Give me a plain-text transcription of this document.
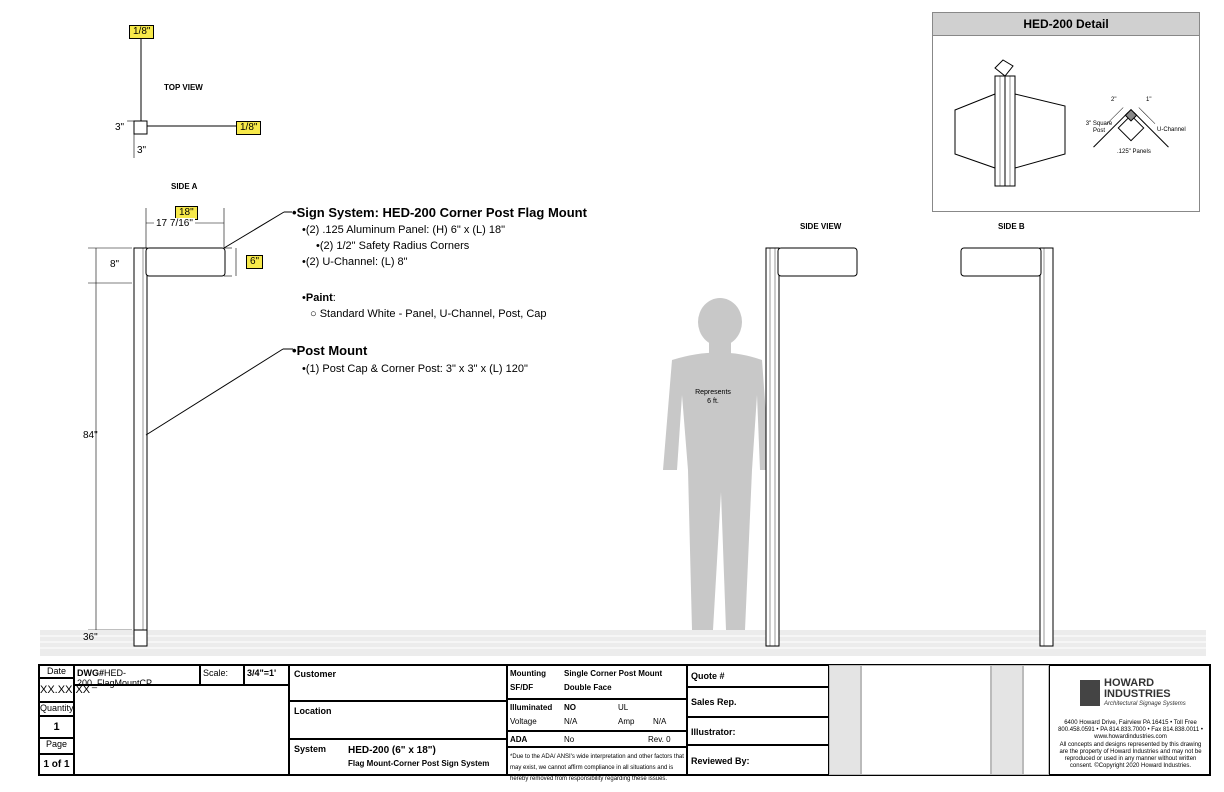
1/8"
TOP VIEW
1/8"
3"
3"
SIDE A
18"
17 7/16"
6"
8"
84"
36"
•Sign System: HED-200 Corner Post Flag Mount
•(2) .125 Aluminum Panel: (H) 6" x (L) 18"
•(2) 1/2" Safety Radius Corners
•(2) U-Channel: (L) 8"
•Paint:
○ Standard White - Panel, U-Channel, Post, Cap
•Post Mount
•(1) Post Cap & Corner Post: 3" x 3" x (L) 120"
Represents
6 ft.
SIDE VIEW	SIDE B
HED-200 Detail
3" Square Post	U-Channel
.125" Panels
2"	1"
Date
XX.XX.XX
Quantity
1
Page
1 of 1
DWG#HED-200_FlagMountCP
Scale:	3/4"=1'	Customer
Location
System HED-200 (6" x 18")
Flag Mount-Corner Post Sign System
Mounting Single Corner Post Mount
SF/DF	Double Face
Illuminated NO	UL
Voltage	N/A	Amp N/A
ADA	No	Rev. 0
*Due to the ADA/ ANSI's wide interpretation and other factors that may exist, we cannot affirm compliance in all situations and is hereby removed from responsibility regarding these issues.
Quote #
Sales Rep.
Illustrator:
Reviewed By:
HOWARD
INDUSTRIES
Architectural Signage Systems
6400 Howard Drive, Fairview PA 16415 • Toll Free 800.458.0591 • PA 814.833.7000 • Fax 814.838.0011 • www.howardindustries.com
All concepts and designs represented by this drawing are the property of Howard Industries and may not be reproduced or used in any manner without written consent. ©Copyright 2020 Howard Industries.
